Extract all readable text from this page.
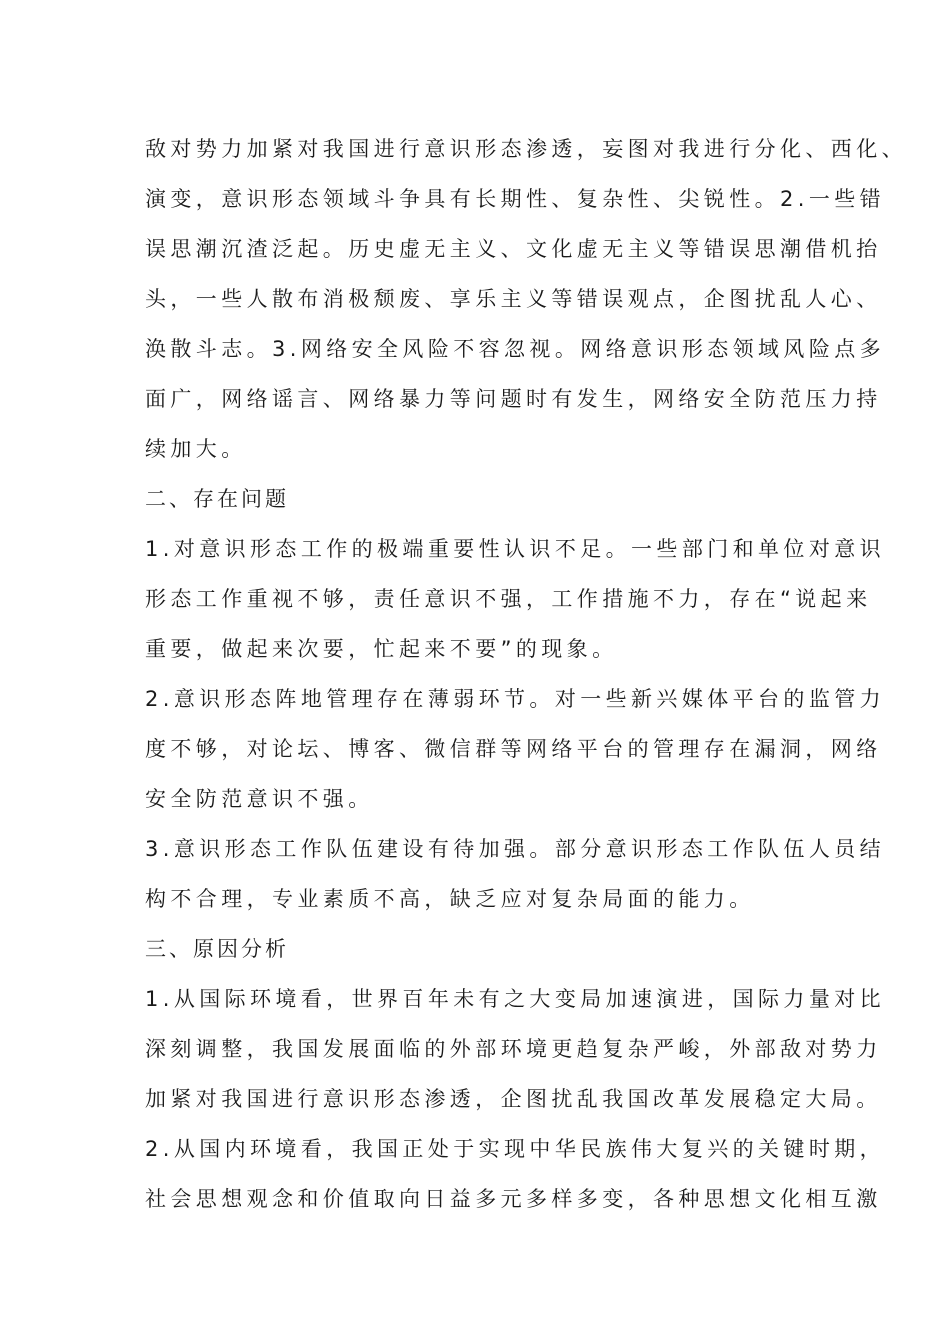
敌对势力加紧对我国进行意识形态渗透，妄图对我进行分化、西化、
演变，意识形态领域斗争具有长期性、复杂性、尖锐性。2.一些错
误思潮沉渣泛起。历史虚无主义、文化虚无主义等错误思潮借机抬
头，一些人散布消极颓废、享乐主义等错误观点，企图扰乱人心、
涣散斗志。3.网络安全风险不容忽视。网络意识形态领域风险点多
面广，网络谣言、网络暴力等问题时有发生，网络安全防范压力持
续加大。

二、存在问题

1.对意识形态工作的极端重要性认识不足。一些部门和单位对意识
形态工作重视不够，责任意识不强，工作措施不力，存在“说起来
重要，做起来次要，忙起来不要”的现象。

2.意识形态阵地管理存在薄弱环节。对一些新兴媒体平台的监管力
度不够，对论坛、博客、微信群等网络平台的管理存在漏洞，网络
安全防范意识不强。

3.意识形态工作队伍建设有待加强。部分意识形态工作队伍人员结
构不合理，专业素质不高，缺乏应对复杂局面的能力。

三、原因分析

1.从国际环境看，世界百年未有之大变局加速演进，国际力量对比
深刻调整，我国发展面临的外部环境更趋复杂严峻，外部敌对势力
加紧对我国进行意识形态渗透，企图扰乱我国改革发展稳定大局。

2.从国内环境看，我国正处于实现中华民族伟大复兴的关键时期，
社会思想观念和价值取向日益多元多样多变，各种思想文化相互激
